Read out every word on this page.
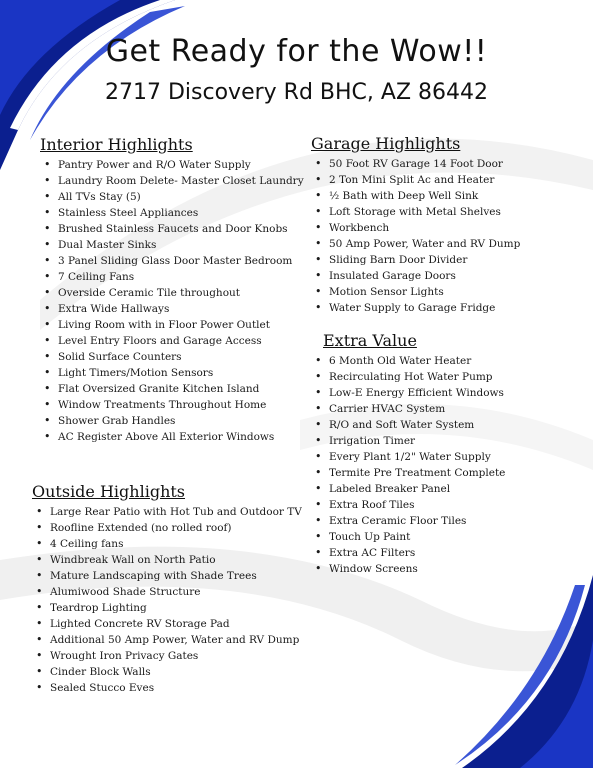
Get Ready for the Wow!!
2717 Discovery Rd BHC, AZ 86442
Interior Highlights
• Pantry Power and R/O Water Supply
• Laundry Room Delete- Master Closet Laundry
• All TVs Stay (5)
• Stainless Steel Appliances
• Brushed Stainless Faucets and Door Knobs
• Dual Master Sinks
• 3 Panel Sliding Glass Door Master Bedroom
• 7 Ceiling Fans
• Overside Ceramic Tile throughout
• Extra Wide Hallways
• Living Room with in Floor Power Outlet
• Level Entry Floors and Garage Access
• Solid Surface Counters
• Light Timers/Motion Sensors
• Flat Oversized Granite Kitchen Island
• Window Treatments Throughout Home
• Shower Grab Handles
• AC Register Above All Exterior Windows
Outside Highlights
• Large Rear Patio with Hot Tub and Outdoor TV
• Roofline Extended (no rolled roof)
• 4 Ceiling fans
• Windbreak Wall on North Patio
• Mature Landscaping with Shade Trees
• Alumiwood Shade Structure
• Teardrop Lighting
• Lighted Concrete RV Storage Pad
• Additional 50 Amp Power, Water and RV Dump
• Wrought Iron Privacy Gates
• Cinder Block Walls
• Sealed Stucco Eves
Garage Highlights
• 50 Foot RV Garage 14 Foot Door
• 2 Ton Mini Split Ac and Heater
• ½ Bath with Deep Well Sink
• Loft Storage with Metal Shelves
• Workbench
• 50 Amp Power, Water and RV Dump
• Sliding Barn Door Divider
• Insulated Garage Doors
• Motion Sensor Lights
• Water Supply to Garage Fridge
Extra Value
• 6 Month Old Water Heater
• Recirculating Hot Water Pump
• Low-E Energy Efficient Windows
• Carrier HVAC System
• R/O and Soft Water System
• Irrigation Timer
• Every Plant 1/2" Water Supply
• Termite Pre Treatment Complete
• Labeled Breaker Panel
• Extra Roof Tiles
• Extra Ceramic Floor Tiles
• Touch Up Paint
• Extra AC Filters
• Window Screens
